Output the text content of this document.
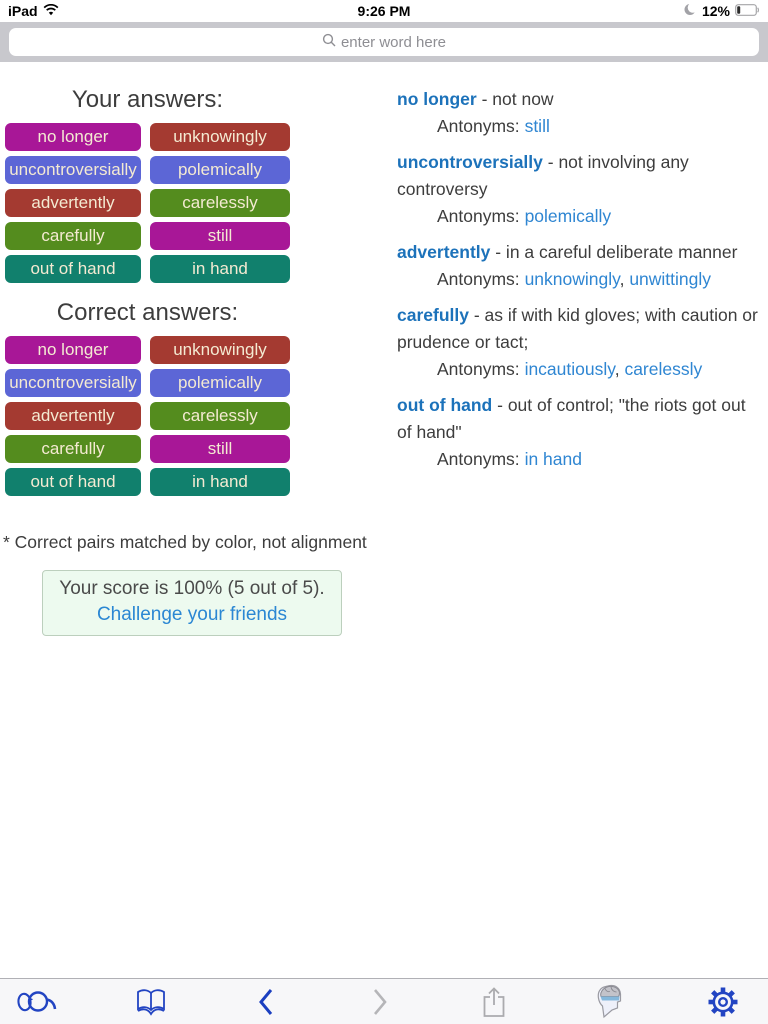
iPad	9:26 PM	12%
enter word here
Your answers:
no longer	unknowingly
uncontroversially	polemically
advertently	carelessly
carefully	still
out of hand	in hand
Correct answers:
no longer	unknowingly
uncontroversially	polemically
advertently	carelessly
carefully	still
out of hand	in hand

* Correct pairs matched by color, not alignment

Your score is 100% (5 out of 5).
Challenge your friends
no longer - not now
Antonyms: still
uncontroversially - not involving any controversy
Antonyms: polemically
advertently - in a careful deliberate manner
Antonyms: unknowingly, unwittingly
carefully - as if with kid gloves; with caution or prudence or tact;
Antonyms: incautiously, carelessly
out of hand - out of control; "the riots got out of hand"
Antonyms: in hand
